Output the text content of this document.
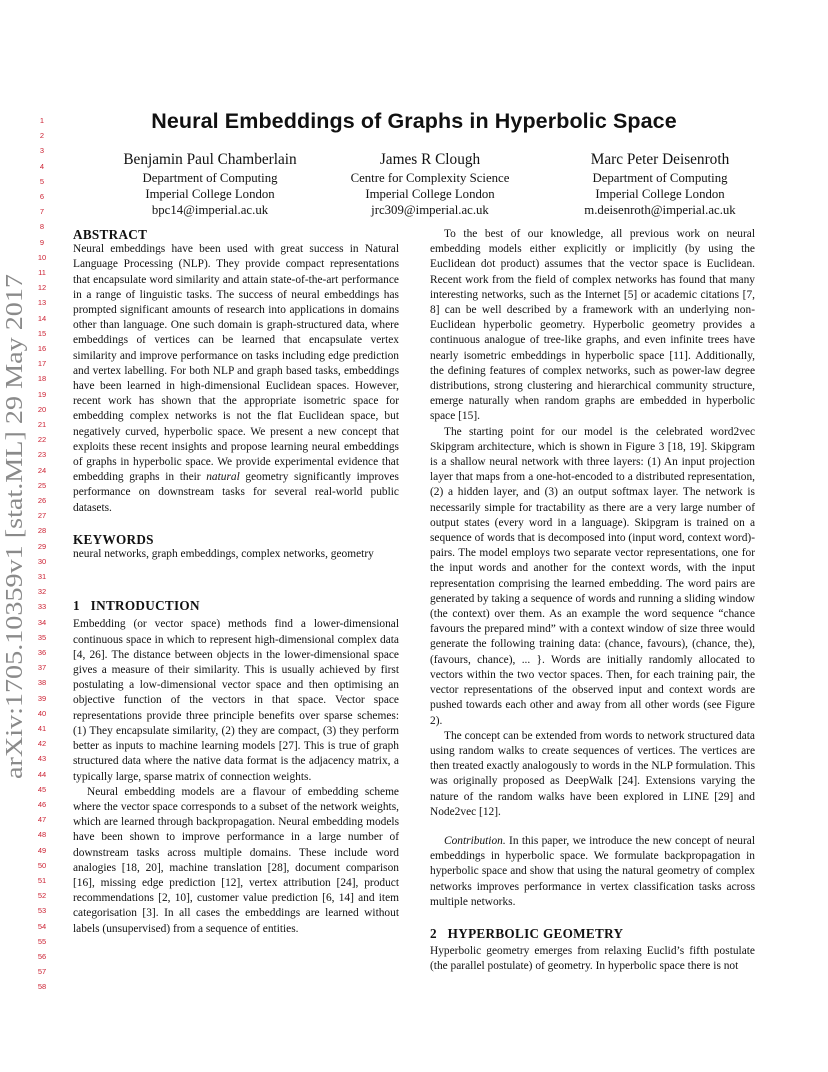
arXiv:1705.10359v1 [stat.ML] 29 May 2017
1
2
3
4
5
6
7
8
9
10
11
12
13
14
15
16
17
18
19
20
21
22
23
24
25
26
27
28
29
30
31
32
33
34
35
36
37
38
39
40
41
42
43
44
45
46
47
48
49
50
51
52
53
54
55
56
57
58
Neural Embeddings of Graphs in Hyperbolic Space
Benjamin Paul Chamberlain
Department of Computing
Imperial College London
bpc14@imperial.ac.uk
James R Clough
Centre for Complexity Science
Imperial College London
jrc309@imperial.ac.uk
Marc Peter Deisenroth
Department of Computing
Imperial College London
m.deisenroth@imperial.ac.uk
ABSTRACT

Neural embeddings have been used with great success in Natural Language Processing (NLP). They provide compact representations that encapsulate word similarity and attain state-of-the-art performance in a range of linguistic tasks. The success of neural embeddings has prompted significant amounts of research into applications in domains other than language. One such domain is graph-structured data, where embeddings of vertices can be learned that encapsulate vertex similarity and improve performance on tasks including edge prediction and vertex labelling. For both NLP and graph based tasks, embeddings have been learned in high-dimensional Euclidean spaces. However, recent work has shown that the appropriate isometric space for embedding complex networks is not the flat Euclidean space, but negatively curved, hyperbolic space. We present a new concept that exploits these recent insights and propose learning neural embeddings of graphs in hyperbolic space. We provide experimental evidence that embedding graphs in their natural geometry significantly improves performance on downstream tasks for several real-world public datasets.

KEYWORDS

neural networks, graph embeddings, complex networks, geometry

1   INTRODUCTION

Embedding (or vector space) methods find a lower-dimensional continuous space in which to represent high-dimensional complex data [4, 26]. The distance between objects in the lower-dimensional space gives a measure of their similarity. This is usually achieved by first postulating a low-dimensional vector space and then optimising an objective function of the vectors in that space. Vector space representations provide three principle benefits over sparse schemes: (1) They encapsulate similarity, (2) they are compact, (3) they perform better as inputs to machine learning models [27]. This is true of graph structured data where the native data format is the adjacency matrix, a typically large, sparse matrix of connection weights.

Neural embedding models are a flavour of embedding scheme where the vector space corresponds to a subset of the network weights, which are learned through backpropagation. Neural embedding models have been shown to improve performance in a large number of downstream tasks across multiple domains. These include word analogies [18, 20], machine translation [28], document comparison [16], missing edge prediction [12], vertex attribution [24], product recommendations [2, 10], customer value prediction [6, 14] and item categorisation [3]. In all cases the embeddings are learned without labels (unsupervised) from a sequence of entities.

To the best of our knowledge, all previous work on neural embedding models either explicitly or implicitly (by using the Euclidean dot product) assumes that the vector space is Euclidean. Recent work from the field of complex networks has found that many interesting networks, such as the Internet [5] or academic citations [7, 8] can be well described by a framework with an underlying non-Euclidean hyperbolic geometry. Hyperbolic geometry provides a continuous analogue of tree-like graphs, and even infinite trees have nearly isometric embeddings in hyperbolic space [11]. Additionally, the defining features of complex networks, such as power-law degree distributions, strong clustering and hierarchical community structure, emerge naturally when random graphs are embedded in hyperbolic space [15].

The starting point for our model is the celebrated word2vec Skipgram architecture, which is shown in Figure 3 [18, 19]. Skipgram is a shallow neural network with three layers: (1) An input projection layer that maps from a one-hot-encoded to a distributed representation, (2) a hidden layer, and (3) an output softmax layer. The network is necessarily simple for tractability as there are a very large number of output states (every word in a language). Skipgram is trained on a sequence of words that is decomposed into (input word, context word)-pairs. The model employs two separate vector representations, one for the input words and another for the context words, with the input representation comprising the learned embedding. The word pairs are generated by taking a sequence of words and running a sliding window (the context) over them. As an example the word sequence “chance favours the prepared mind” with a context window of size three would generate the following training data: (chance, favours), (chance, the), (favours, chance), ... }. Words are initially randomly allocated to vectors within the two vector spaces. Then, for each training pair, the vector representations of the observed input and context words are pushed towards each other and away from all other words (see Figure 2).

The concept can be extended from words to network structured data using random walks to create sequences of vertices. The vertices are then treated exactly analogously to words in the NLP formulation. This was originally proposed as DeepWalk [24]. Extensions varying the nature of the random walks have been explored in LINE [29] and Node2vec [12].

Contribution. In this paper, we introduce the new concept of neural embeddings in hyperbolic space. We formulate backpropagation in hyperbolic space and show that using the natural geometry of complex networks improves performance in vertex classification tasks across multiple networks.

2   HYPERBOLIC GEOMETRY

Hyperbolic geometry emerges from relaxing Euclid’s fifth postulate (the parallel postulate) of geometry. In hyperbolic space there is not
